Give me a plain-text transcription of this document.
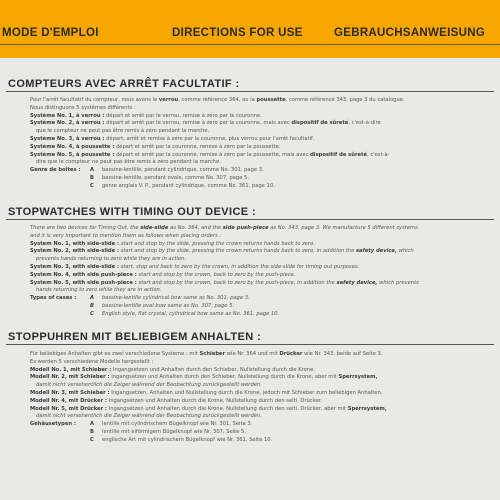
MODE D'EMPLOI	DIRECTIONS FOR USE	GEBRAUCHSANWEISUNG
COMPTEURS AVEC ARRÊT FACULTATIF :
Pour l'arrêt facultatif du compteur, nous avons le verrou, comme référence 364, ou la poussette, comme référence 343, page 3 du catalogue.
Nous distinguons 5 systèmes différents :
Système No. 1, à verrou : départ et arrêt par le verrou, remise à zéro par la couronne.
Système No. 2, à verrou : départ et arrêt par le verrou, remise à zéro par la couronne, mais avec dispositif de sûreté, c'est-à-dire
que le compteur ne peut pas être remis à zéro pendant la marche.
Système No. 3, à verrou : départ, arrêt et remise à zéro par la couronne, plus verrou pour l'arrêt facultatif.
Système No. 4, à poussette : départ et arrêt par la couronne, remise à zéro par la poussette.
Système No. 5, à poussette : départ et arrêt par la couronne, remise à zéro par la poussette, mais avec dispositif de sûreté, c'est-à-
dire que le compteur ne peut pas être remis à zéro pendant la marche.
Genre de boîtes : A bassine-lentille, pendant cylindrique, comme No. 301, page 3.
B bassine-lentille, pendant ovale, comme No. 307, page 5.
C genre anglais V. P., pendant cylindrique, comme No. 361, page 10.
STOPWATCHES WITH TIMING OUT DEVICE :
There are two devices for Timing Out, the side-slide as No. 364, and the side push-piece as No. 343, page 3. We manufacture 5 different systems
and it is very important to mention them as follows when placing orders :
System No. 1, with side-slide : start and stop by the slide, pressing the crown returns hands back to zero.
System No. 2, with side-slide : start and stop by the slide, pressing the crown returns hands back to zero, in addition the safety device, which
prevents hands returning to zero while they are in action.
System No. 3, with side-slide : start, stop and back to zero by the crown, in addition the side-slide for timing out purposes.
System No. 4, with side push-piece : start and stop by the crown, back to zero by the push-piece.
System No. 5, with side push-piece : start and stop by the crown, back to zero by the push-piece, in addition the safety device, which prevents
hands returning to zero while they are in action.
Types of cases :	A bassine-lentille cylindrical bow same as No. 301, page 3.
B bassine-lentille oval bow same as No. 307, page 5.
C English style, flat crystal, cylindrical bow same as No. 361, page 10.
STOPPUHREN MIT BELIEBIGEM ANHALTEN :
Für beliebiges Anhalten gibt es zwei verschiedene Systeme : mit Schieber wie Nr. 364 und mit Drücker wie Nr. 343, beide auf Seite 3.
Es werden 5 verschiedene Modelle hergestellt :
Modell No. 1, mit Schieber : Ingangsetzen und Anhalten durch den Schieber, Nullstellung durch die Krone.
Modell Nr. 2, mit Schieber : Ingangsetzen und Anhalten durch den Schieber, Nullstellung durch die Krone, aber mit Sperrsystem,
damit nicht versehentlich die Zeiger während der Beobachtung zurückgestellt werden.
Modell Nr. 3, mit Schieber : Ingangsetzen, Anhalten und Nullstellung durch die Krone, jedoch mit Schieber zum beliebigen Anhalten.
Modell Nr. 4, mit Drücker : Ingangsetzen und Anhalten durch die Krone, Nullstellung durch den seitl. Drücker.
Modell Nr. 5, mit Drücker : Ingangsetzen und Anhalten durch die Krone, Nullstellung durch den seitl. Drücker, aber mit Sperrsystem,
damit nicht versehentlich die Zeiger während der Beobachtung zurückgestellt werden.
Gehäusetypen :	A lentille mit cylindrischem Bügelknopf wie Nr. 301, Seite 3.
B lentille mit eiförmigem Bügelknopf wie Nr. 307, Seite 5.
C englische Art mit cylindrischem Bügelknopf wie Nr. 361, Seite 10.
